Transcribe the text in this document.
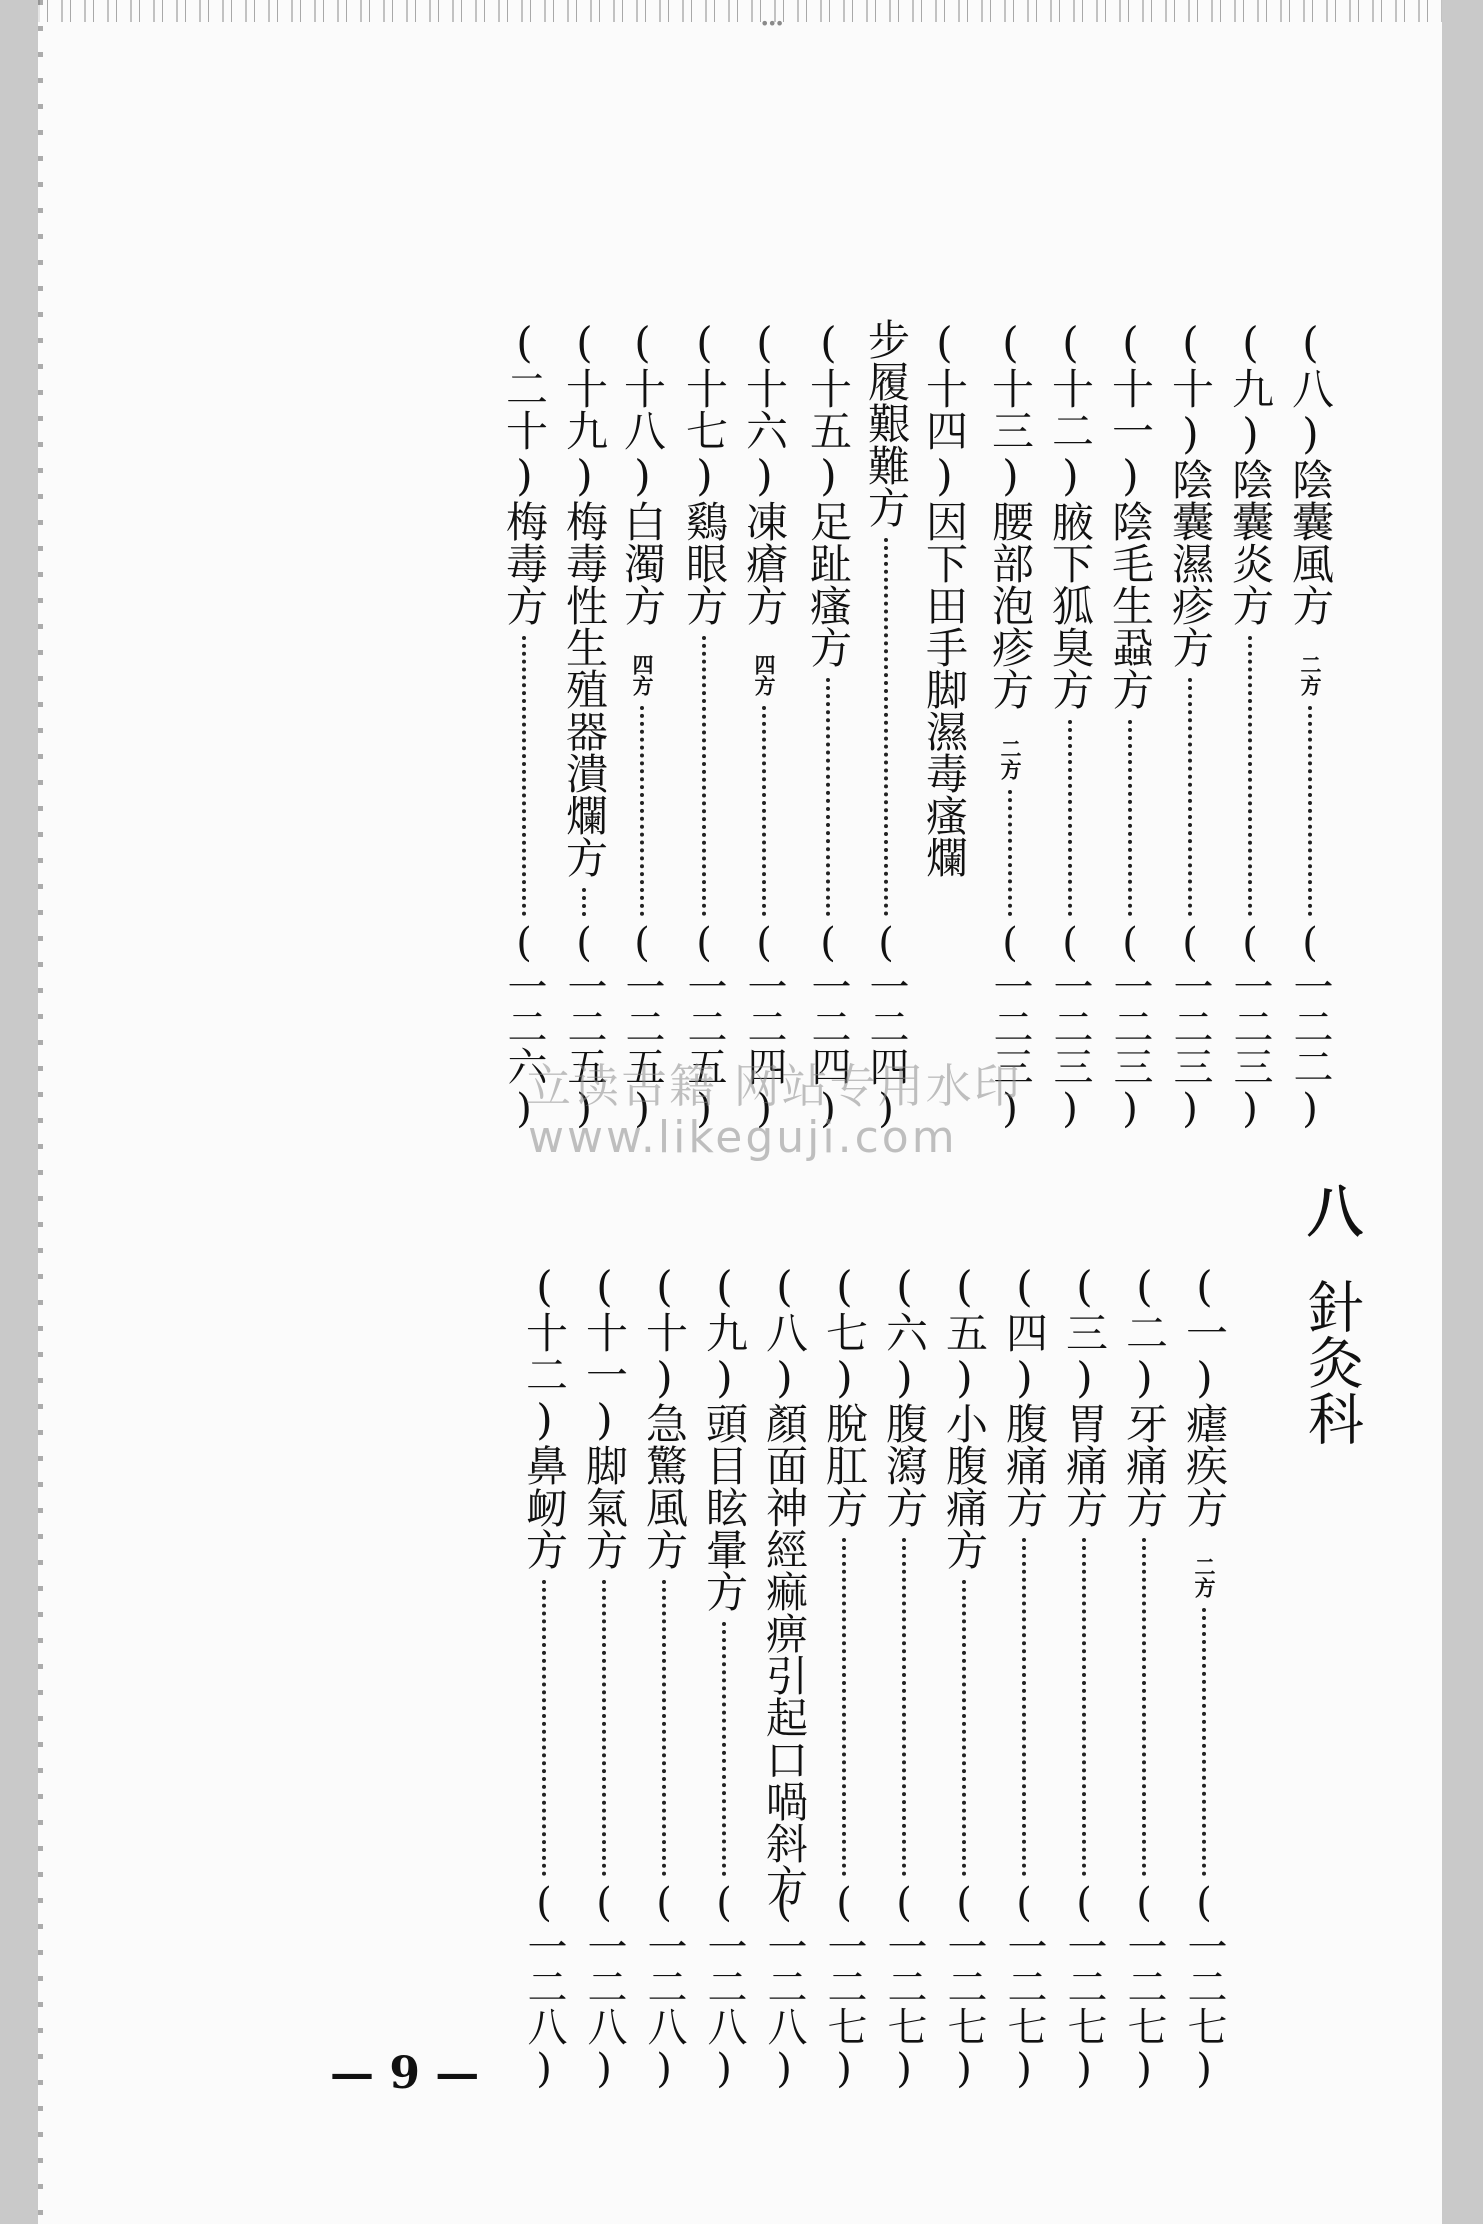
•••
(八)陰囊風方二方
(一二二)
(九)陰囊炎方
(一二三)
(十)陰囊濕疹方
(一二三)
(十一)陰毛生蝨方
(一二三)
(十二)腋下狐臭方
(一二三)
(十三)腰部泡疹方二方
(一二三)
(十四)因下田手脚濕毒瘙爛
步履艱難方
(一二四)
(十五)足趾瘙方
(一二四)
(十六)凍瘡方四方
(一二四)
(十七)鷄眼方
(一二五)
(十八)白濁方四方
(一二五)
(十九)梅毒性生殖器潰爛方
(一二五)
(二十)梅毒方
(一二六)
八針灸科
(一)瘧疾方二方
(一二七)
(二)牙痛方
(一二七)
(三)胃痛方
(一二七)
(四)腹痛方
(一二七)
(五)小腹痛方
(一二七)
(六)腹瀉方
(一二七)
(七)脫肛方
(一二七)
(八)顏面神經痲痹引起口喎斜方
(一二八)
(九)頭目眩暈方
(一二八)
(十)急驚風方
(一二八)
(十一)脚氣方
(一二八)
(十二)鼻衂方
(一二八)
立读古籍 网站专用水印
www.likeguji.com
— 9 —
